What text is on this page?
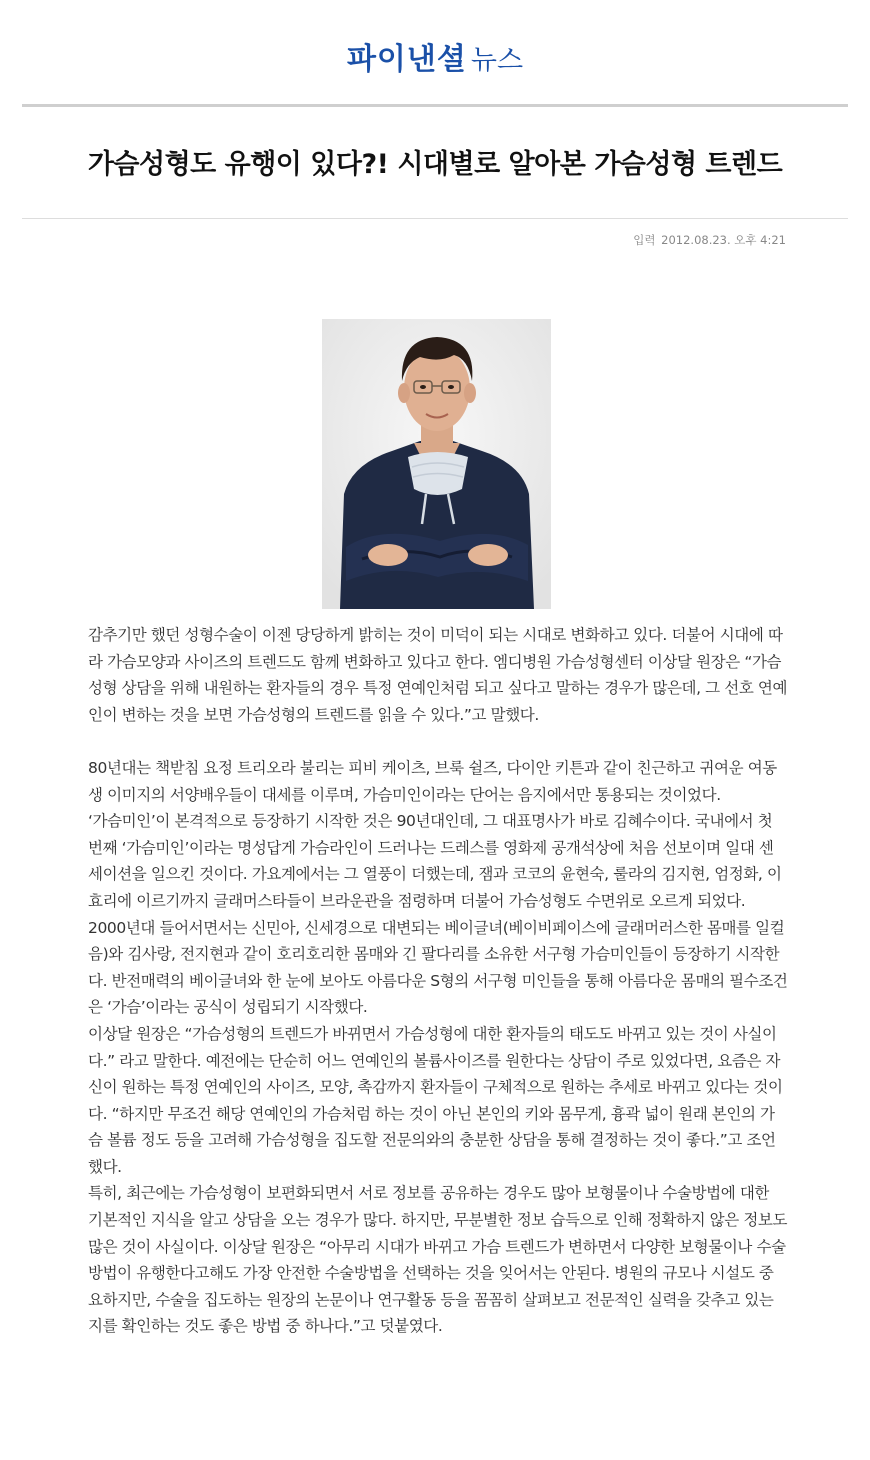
파이낸셜 뉴스
가슴성형도 유행이 있다?! 시대별로 알아본 가슴성형 트렌드
입력 2012.08.23. 오후 4:21

감추기만 했던 성형수술이 이젠 당당하게 밝히는 것이 미덕이 되는 시대로 변화하고 있다. 더불어 시대에 따라 가슴모양과 사이즈의 트렌드도 함께 변화하고 있다고 한다. 엠디병원 가슴성형센터 이상달 원장은 “가슴성형 상담을 위해 내원하는 환자들의 경우 특정 연예인처럼 되고 싶다고 말하는 경우가 많은데, 그 선호 연예인이 변하는 것을 보면 가슴성형의 트렌드를 읽을 수 있다.”고 말했다.

80년대는 책받침 요정 트리오라 불리는 피비 케이츠, 브룩 쉴즈, 다이안 키튼과 같이 친근하고 귀여운 여동생 이미지의 서양배우들이 대세를 이루며, 가슴미인이라는 단어는 음지에서만 통용되는 것이었다.

‘가슴미인’이 본격적으로 등장하기 시작한 것은 90년대인데, 그 대표명사가 바로 김혜수이다. 국내에서 첫 번째 ‘가슴미인’이라는 명성답게 가슴라인이 드러나는 드레스를 영화제 공개석상에 처음 선보이며 일대 센세이션을 일으킨 것이다. 가요계에서는 그 열풍이 더했는데, 잼과 코코의 윤현숙, 룰라의 김지현, 엄정화, 이효리에 이르기까지 글래머스타들이 브라운관을 점령하며 더불어 가슴성형도 수면위로 오르게 되었다.

2000년대 들어서면서는 신민아, 신세경으로 대변되는 베이글녀(베이비페이스에 글래머러스한 몸매를 일컬음)와 김사랑, 전지현과 같이 호리호리한 몸매와 긴 팔다리를 소유한 서구형 가슴미인들이 등장하기 시작한다. 반전매력의 베이글녀와 한 눈에 보아도 아름다운 S형의 서구형 미인들을 통해 아름다운 몸매의 필수조건은 ‘가슴’이라는 공식이 성립되기 시작했다.

이상달 원장은 “가슴성형의 트렌드가 바뀌면서 가슴성형에 대한 환자들의 태도도 바뀌고 있는 것이 사실이다.” 라고 말한다. 예전에는 단순히 어느 연예인의 볼륨사이즈를 원한다는 상담이 주로 있었다면, 요즘은 자신이 원하는 특정 연예인의 사이즈, 모양, 촉감까지 환자들이 구체적으로 원하는 추세로 바뀌고 있다는 것이다. “하지만 무조건 해당 연예인의 가슴처럼 하는 것이 아닌 본인의 키와 몸무게, 흉곽 넓이 원래 본인의 가슴 볼륨 정도 등을 고려해 가슴성형을 집도할 전문의와의 충분한 상담을 통해 결정하는 것이 좋다.”고 조언했다.

특히, 최근에는 가슴성형이 보편화되면서 서로 정보를 공유하는 경우도 많아 보형물이나 수술방법에 대한 기본적인 지식을 알고 상담을 오는 경우가 많다. 하지만, 무분별한 정보 습득으로 인해 정확하지 않은 정보도 많은 것이 사실이다. 이상달 원장은 “아무리 시대가 바뀌고 가슴 트렌드가 변하면서 다양한 보형물이나 수술방법이 유행한다고해도 가장 안전한 수술방법을 선택하는 것을 잊어서는 안된다. 병원의 규모나 시설도 중요하지만, 수술을 집도하는 원장의 논문이나 연구활동 등을 꼼꼼히 살펴보고 전문적인 실력을 갖추고 있는지를 확인하는 것도 좋은 방법 중 하나다.”고 덧붙였다.
